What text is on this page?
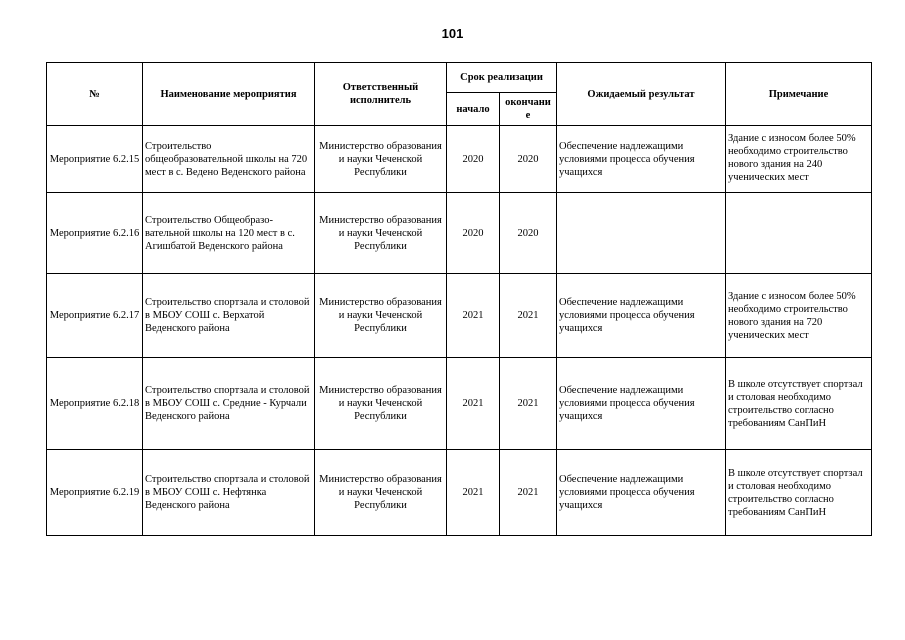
101
№	Наименование мероприятия	Ответственный исполнитель	Срок реализации		Ожидаемый результат	Примечание
			начало	окончани е		
Мероприятие 6.2.15	Строительство общеобразовательной школы на 720 мест в с. Ведено Веденского района	Министерство образования и науки Чеченской Республики	2020	2020	Обеспечение надлежащими условиями процесса обучения учащихся	Здание с износом более 50% необходимо строительство нового здания на 240 ученических мест

Мероприятие 6.2.16	Строительство Общеобразо-вательной школы на 120 мест в с. Агишбатой Веденского района	Министерство образования и науки Чеченской Республики	2020	2020		
Мероприятие 6.2.17	Строительство спортзала и столовой в МБОУ СОШ с. Верхатой Веденского района	Министерство образования и науки Чеченской Республики	2021	2021	Обеспечение надлежащими условиями процесса обучения учащихся	Здание с износом более 50% необходимо строительство нового здания на 720 ученических мест
Мероприятие 6.2.18	Строительство спортзала и столовой в МБОУ СОШ с. Средние - Курчали Веденского района	Министерство образования и науки Чеченской Республики	2021	2021	Обеспечение надлежащими условиями процесса обучения учащихся	В школе отсутствует спортзал и столовая необходимо строительство согласно требованиям СанПиН
Мероприятие 6.2.19	Строительство спортзала и столовой в МБОУ СОШ с. Нефтянка Веденского района	Министерство образования и науки Чеченской Республики	2021	2021	Обеспечение надлежащими условиями процесса обучения учащихся	В школе отсутствует спортзал и столовая необходимо строительство согласно требованиям СанПиН
